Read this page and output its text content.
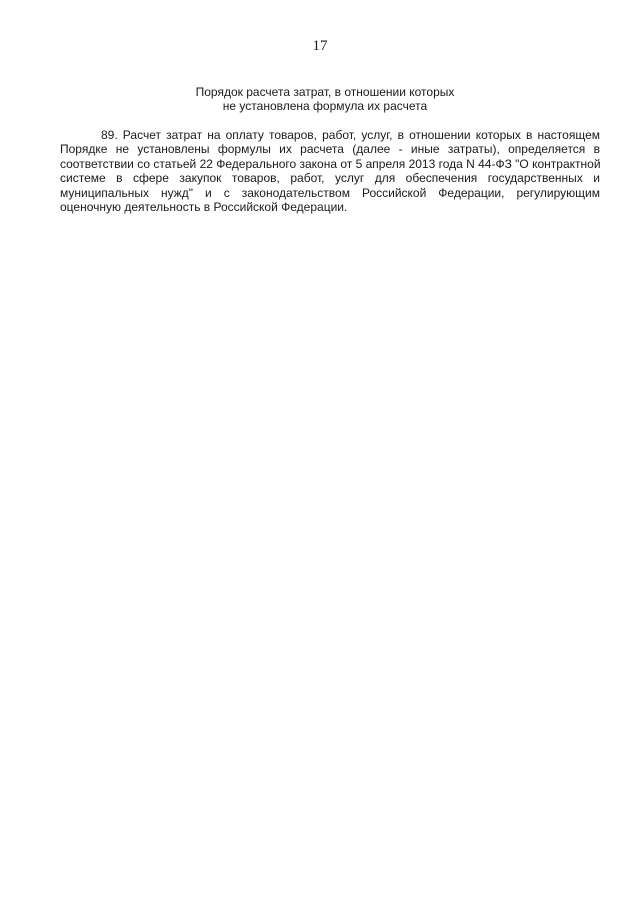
17
Порядок расчета затрат, в отношении которых
не установлена формула их расчета
89. Расчет затрат на оплату товаров, работ, услуг, в отношении которых в настоящем
Порядке не установлены формулы их расчета (далее - иные затраты), определяется в
соответствии со статьей 22 Федерального закона от 5 апреля 2013 года N 44-ФЗ "О контрактной
системе в сфере закупок товаров, работ, услуг для обеспечения государственных и
муниципальных нужд" и с законодательством Российской Федерации, регулирующим
оценочную деятельность в Российской Федерации.
